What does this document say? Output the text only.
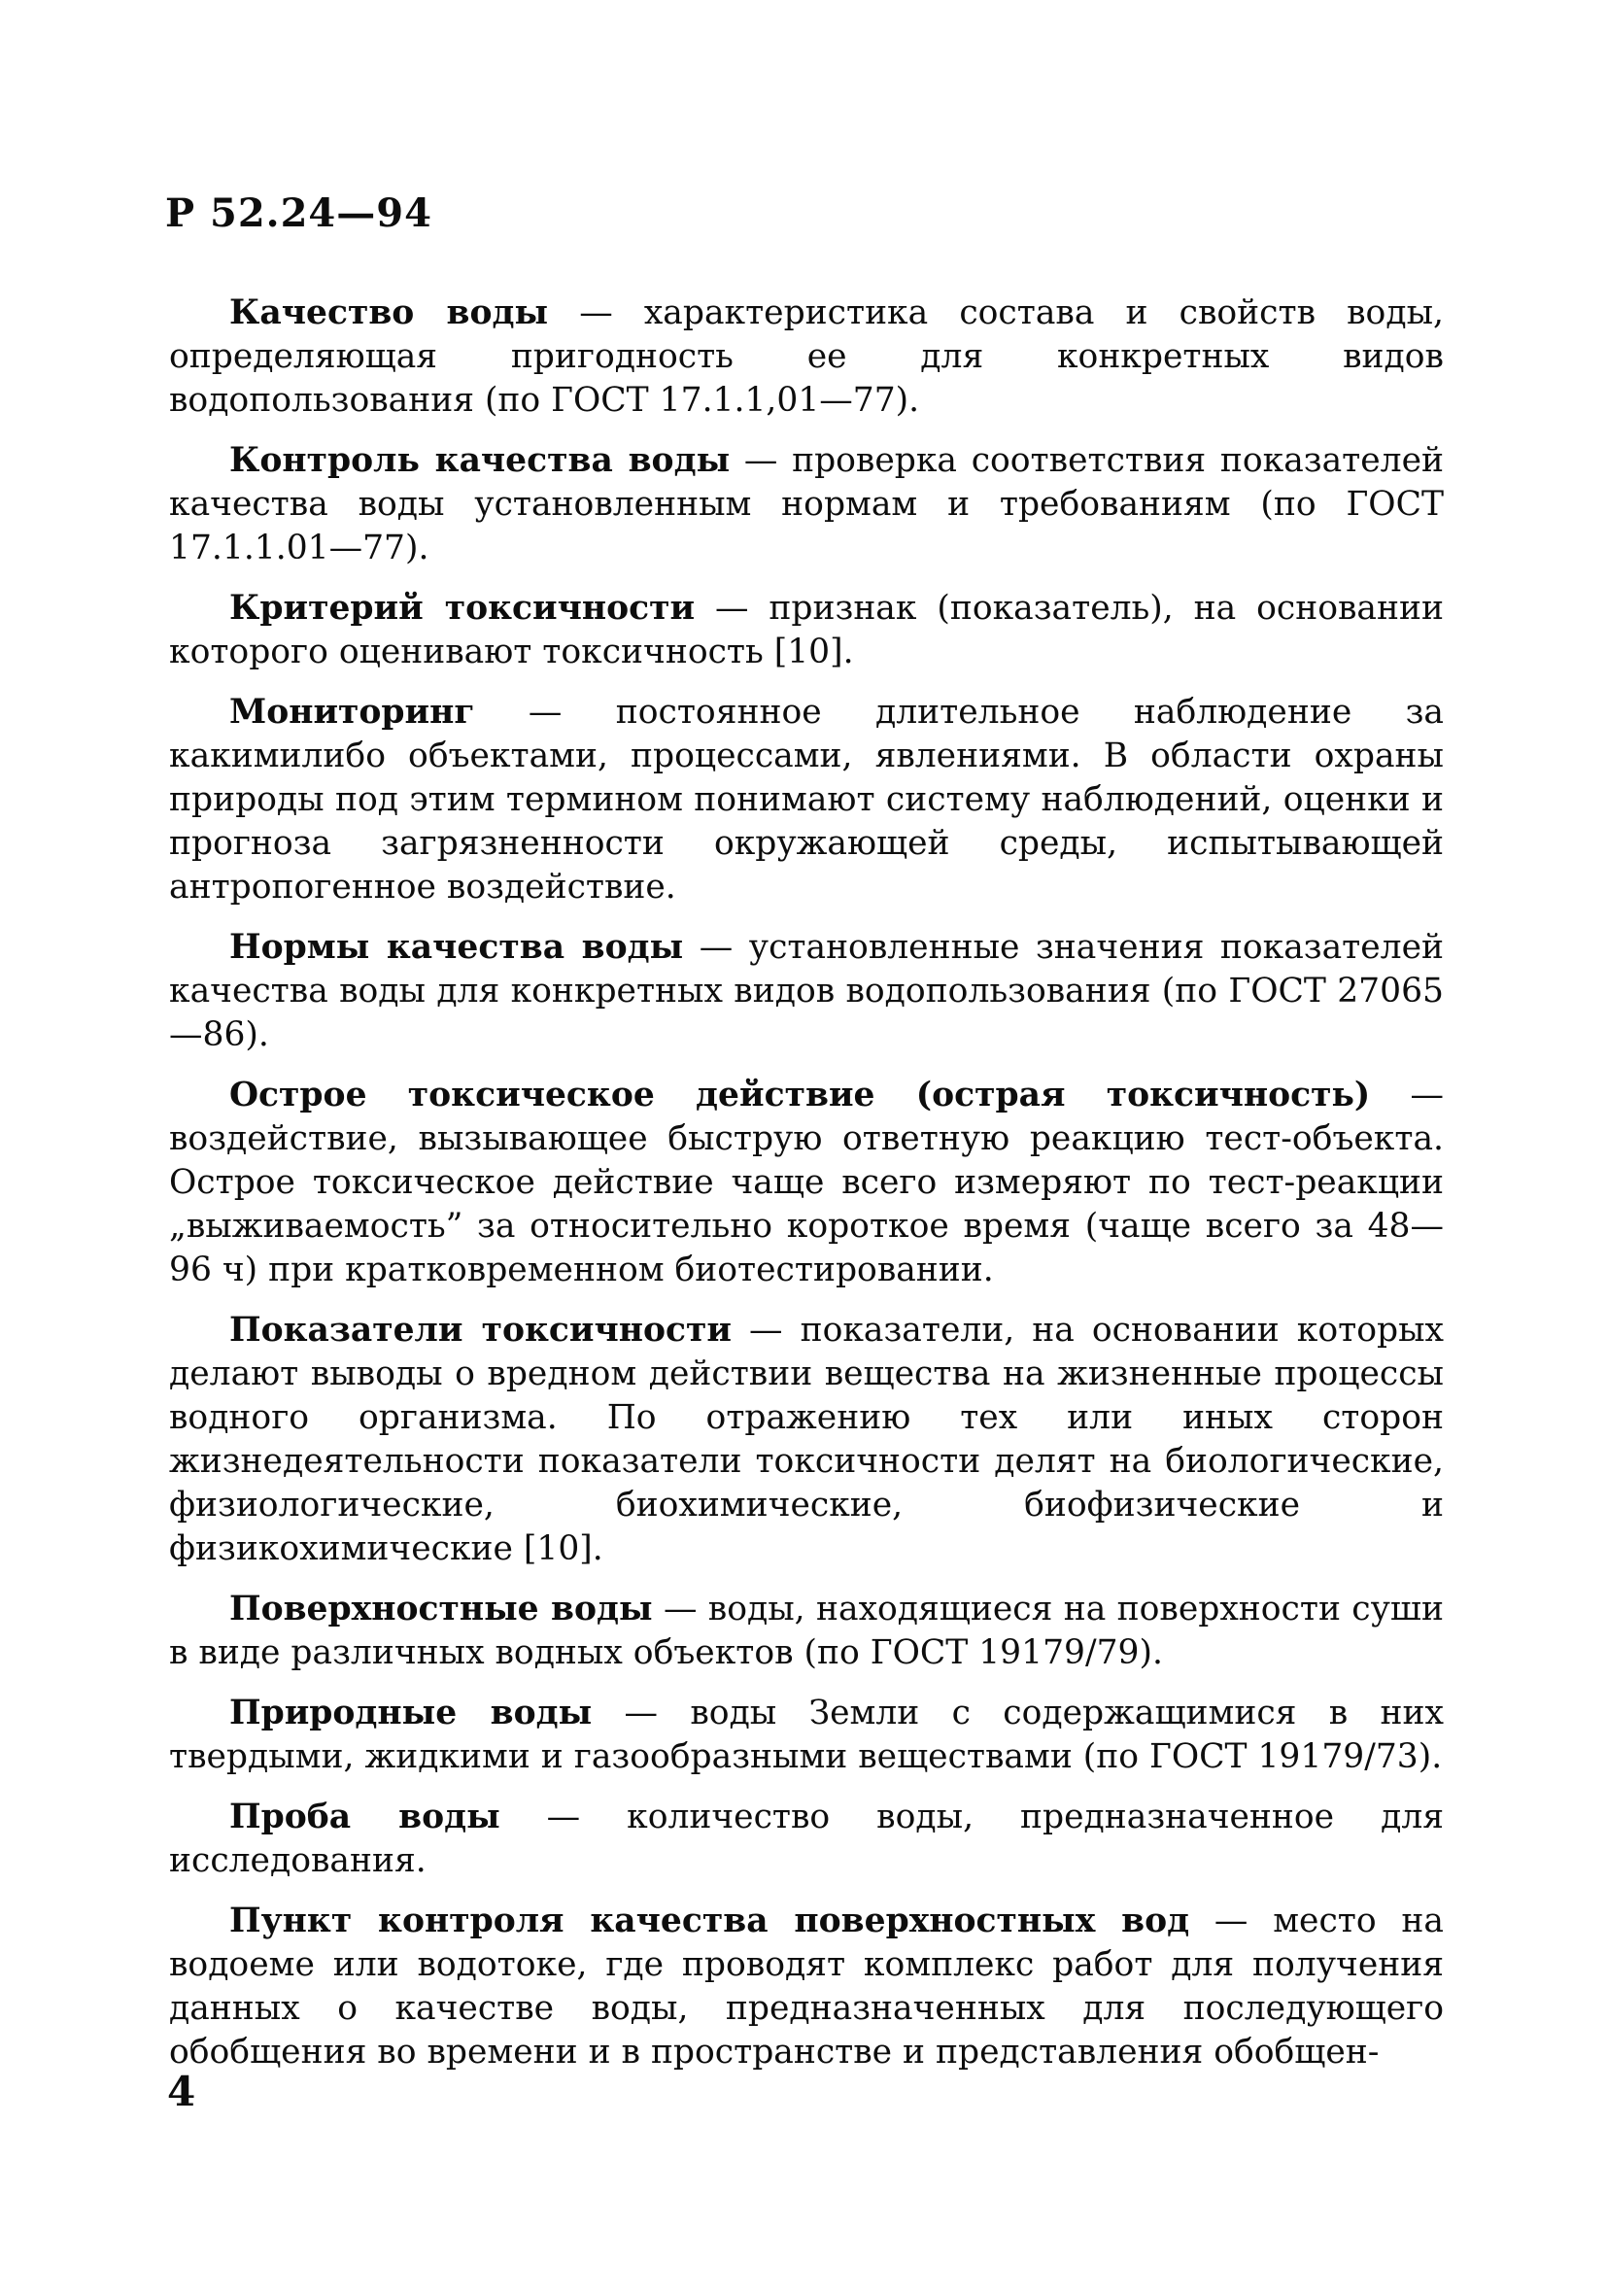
Р 52.24—94

Качество воды — характеристика состава и свойств воды, определяющая пригодность ее для конкретных видов водопользования (по ГОСТ 17.1.1,01—77).

Контроль качества воды — проверка соответствия показателей качества воды установленным нормам и требованиям (по ГОСТ 17.1.1.01—77).

Критерий токсичности — признак (показатель), на основании которого оценивают токсичность [10].

Мониторинг — постоянное длительное наблюдение за какимилибо объектами, процессами, явлениями. В области охраны природы под этим термином понимают систему наблюдений, оценки и прогноза загрязненности окружающей среды, испытывающей антропогенное воздействие.

Нормы качества воды — установленные значения показателей качества воды для конкретных видов водопользования (по ГОСТ 27065—86).

Острое токсическое действие (острая токсичность) — воздействие, вызывающее быструю ответную реакцию тест-объекта. Острое токсическое действие чаще всего измеряют по тест-реакции „выживаемость” за относительно короткое время (чаще всего за 48—96 ч) при кратковременном биотестировании.

Показатели токсичности — показатели, на основании которых делают выводы о вредном действии вещества на жизненные процессы водного организма. По отражению тех или иных сторон жизнедеятельности показатели токсичности делят на биологические, физиологические, биохимические, биофизические и физикохимические [10].

Поверхностные воды — воды, находящиеся на поверхности суши в виде различных водных объектов (по ГОСТ 19179/79).

Природные воды — воды Земли с содержащимися в них твердыми, жидкими и газообразными веществами (по ГОСТ 19179/73).

Проба воды — количество воды, предназначенное для исследования.

Пункт контроля качества поверхностных вод — место на водоеме или водотоке, где проводят комплекс работ для получения данных о качестве воды, предназначенных для последующего обобщения во времени и в пространстве и представления обобщен-

4
